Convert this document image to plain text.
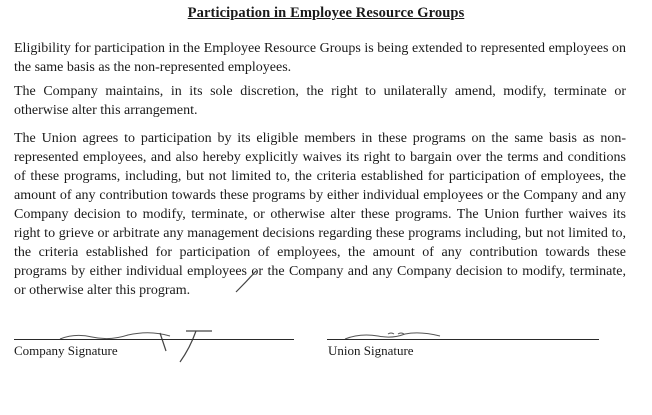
Participation in Employee Resource Groups

Eligibility for participation in the Employee Resource Groups is being extended to represented employees on the same basis as the non-represented employees.

The Company maintains, in its sole discretion, the right to unilaterally amend, modify, terminate or otherwise alter this arrangement.

The Union agrees to participation by its eligible members in these programs on the same basis as non-represented employees, and also hereby explicitly waives its right to bargain over the terms and conditions of these programs, including, but not limited to, the criteria established for participation of employees, the amount of any contribution towards these programs by either individual employees or the Company and any Company decision to modify, terminate, or otherwise alter these programs. The Union further waives its right to grieve or arbitrate any management decisions regarding these programs including, but not limited to, the criteria established for participation of employees, the amount of any contribution towards these programs by either individual employees or the Company and any Company decision to modify, terminate, or otherwise alter this program.

Company Signature	Union Signature
